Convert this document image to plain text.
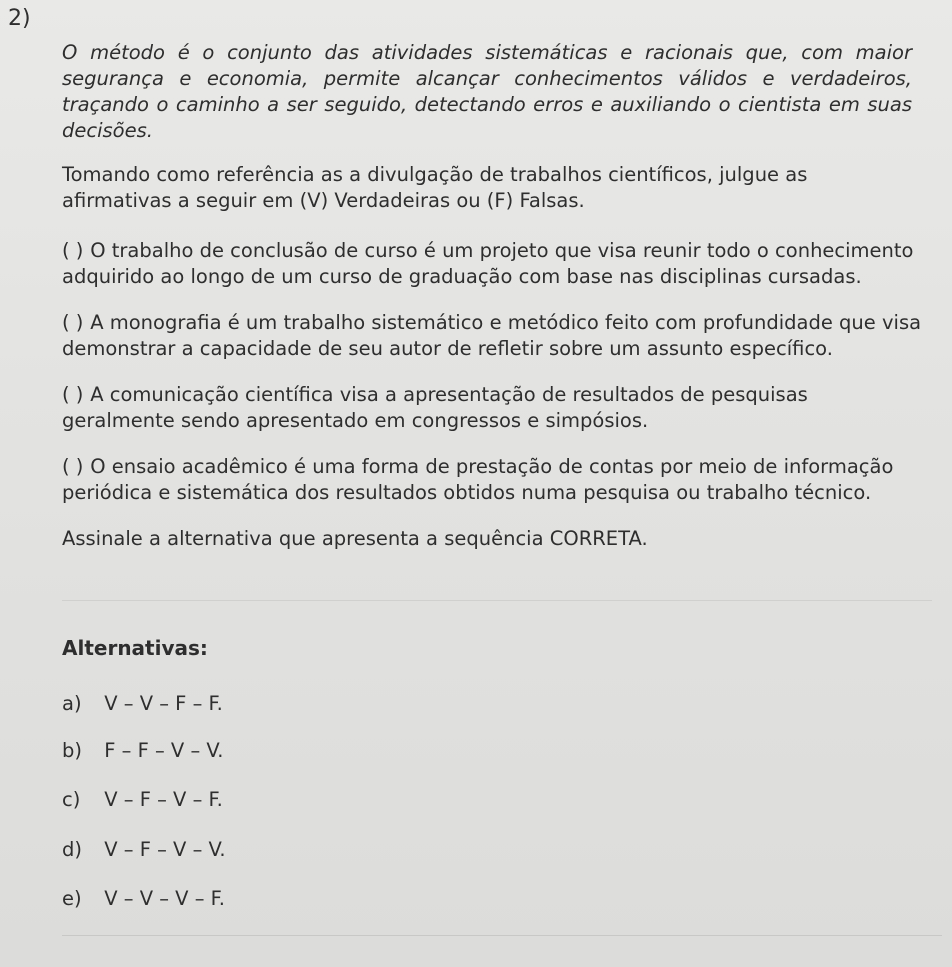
2)
O método é o conjunto das atividades sistemáticas e racionais que, com maior segurança e economia, permite alcançar conhecimentos válidos e verdadeiros, traçando o caminho a ser seguido, detectando erros e auxiliando o cientista em suas decisões.
Tomando como referência as a divulgação de trabalhos científicos, julgue as afirmativas a seguir em (V) Verdadeiras ou (F) Falsas.
( ) O trabalho de conclusão de curso é um projeto que visa reunir todo o conhecimento adquirido ao longo de um curso de graduação com base nas disciplinas cursadas.
( ) A monografia é um trabalho sistemático e metódico feito com profundidade que visa demonstrar a capacidade de seu autor de refletir sobre um assunto específico.
( ) A comunicação científica visa a apresentação de resultados de pesquisas geralmente sendo apresentado em congressos e simpósios.
( ) O ensaio acadêmico é uma forma de prestação de contas por meio de informação periódica e sistemática dos resultados obtidos numa pesquisa ou trabalho técnico.
Assinale a alternativa que apresenta a sequência CORRETA.
Alternativas:
a) V – V – F – F.
b) F – F – V – V.
c) V – F – V – F.
d) V – F – V – V.
e) V – V – V – F.
